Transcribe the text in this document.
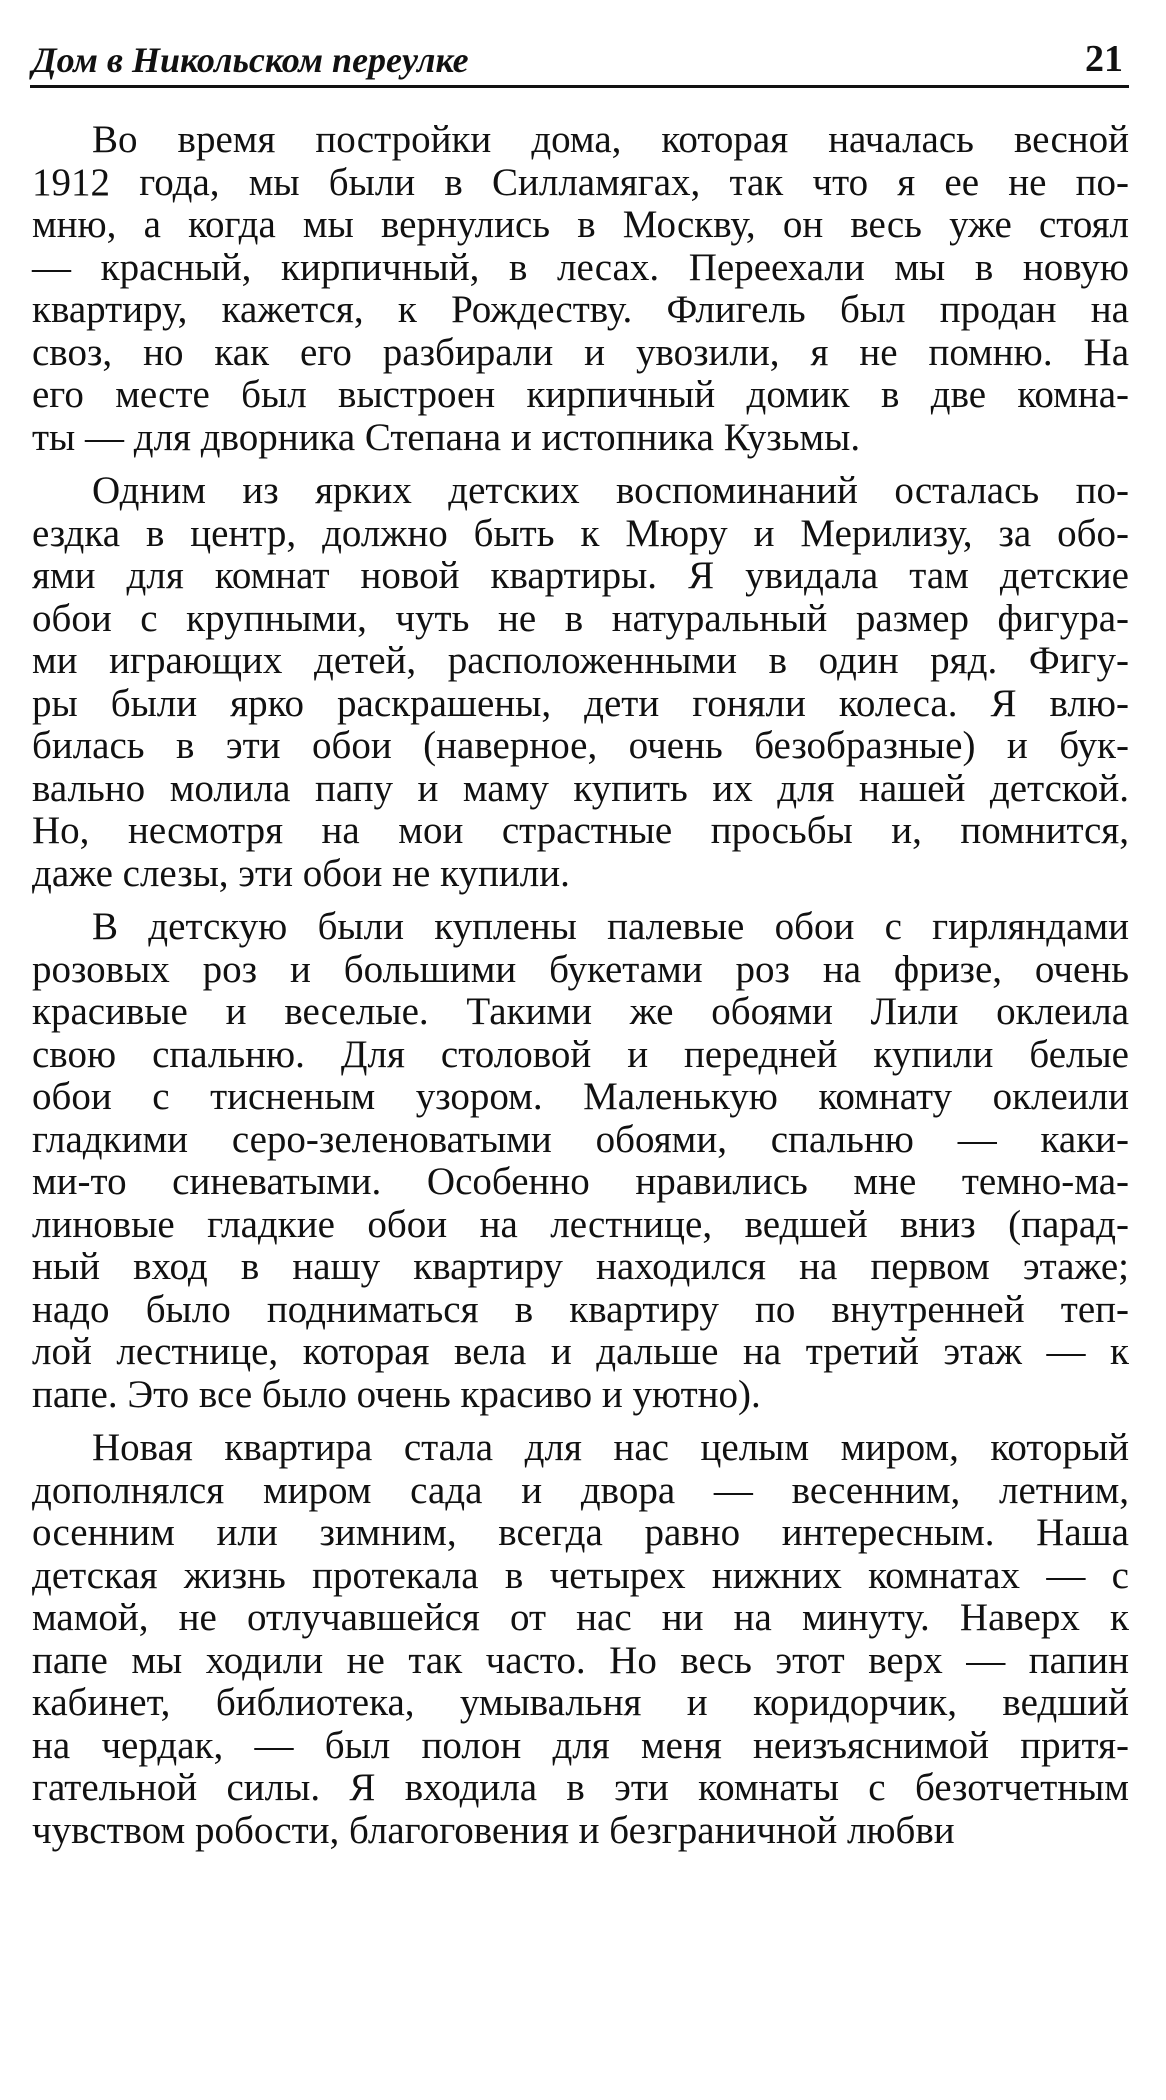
Дом в Никольском переулке	21
Во время постройки дома, которая началась весной
1912 года, мы были в Силламягах, так что я ее не по-
мню, а когда мы вернулись в Москву, он весь уже стоял
— красный, кирпичный, в лесах. Переехали мы в новую
квартиру, кажется, к Рождеству. Флигель был продан на
своз, но как его разбирали и увозили, я не помню. На
его месте был выстроен кирпичный домик в две комна-
ты — для дворника Степана и истопника Кузьмы.
Одним из ярких детских воспоминаний осталась по-
ездка в центр, должно быть к Мюру и Мерилизу, за обо-
ями для комнат новой квартиры. Я увидала там детские
обои с крупными, чуть не в натуральный размер фигура-
ми играющих детей, расположенными в один ряд. Фигу-
ры были ярко раскрашены, дети гоняли колеса. Я влю-
билась в эти обои (наверное, очень безобразные) и бук-
вально молила папу и маму купить их для нашей детской.
Но, несмотря на мои страстные просьбы и, помнится,
даже слезы, эти обои не купили.
В детскую были куплены палевые обои с гирляндами
розовых роз и большими букетами роз на фризе, очень
красивые и веселые. Такими же обоями Лили оклеила
свою спальню. Для столовой и передней купили белые
обои с тисненым узором. Маленькую комнату оклеили
гладкими серо-зеленоватыми обоями, спальню — каки-
ми-то синеватыми. Особенно нравились мне темно-ма-
линовые гладкие обои на лестнице, ведшей вниз (парад-
ный вход в нашу квартиру находился на первом этаже;
надо было подниматься в квартиру по внутренней теп-
лой лестнице, которая вела и дальше на третий этаж — к
папе. Это все было очень красиво и уютно).
Новая квартира стала для нас целым миром, который
дополнялся миром сада и двора — весенним, летним,
осенним или зимним, всегда равно интересным. Наша
детская жизнь протекала в четырех нижних комнатах — с
мамой, не отлучавшейся от нас ни на минуту. Наверх к
папе мы ходили не так часто. Но весь этот верх — папин
кабинет, библиотека, умывальня и коридорчик, ведший
на чердак, — был полон для меня неизъяснимой притя-
гательной силы. Я входила в эти комнаты с безотчетным
чувством робости, благоговения и безграничной любви
